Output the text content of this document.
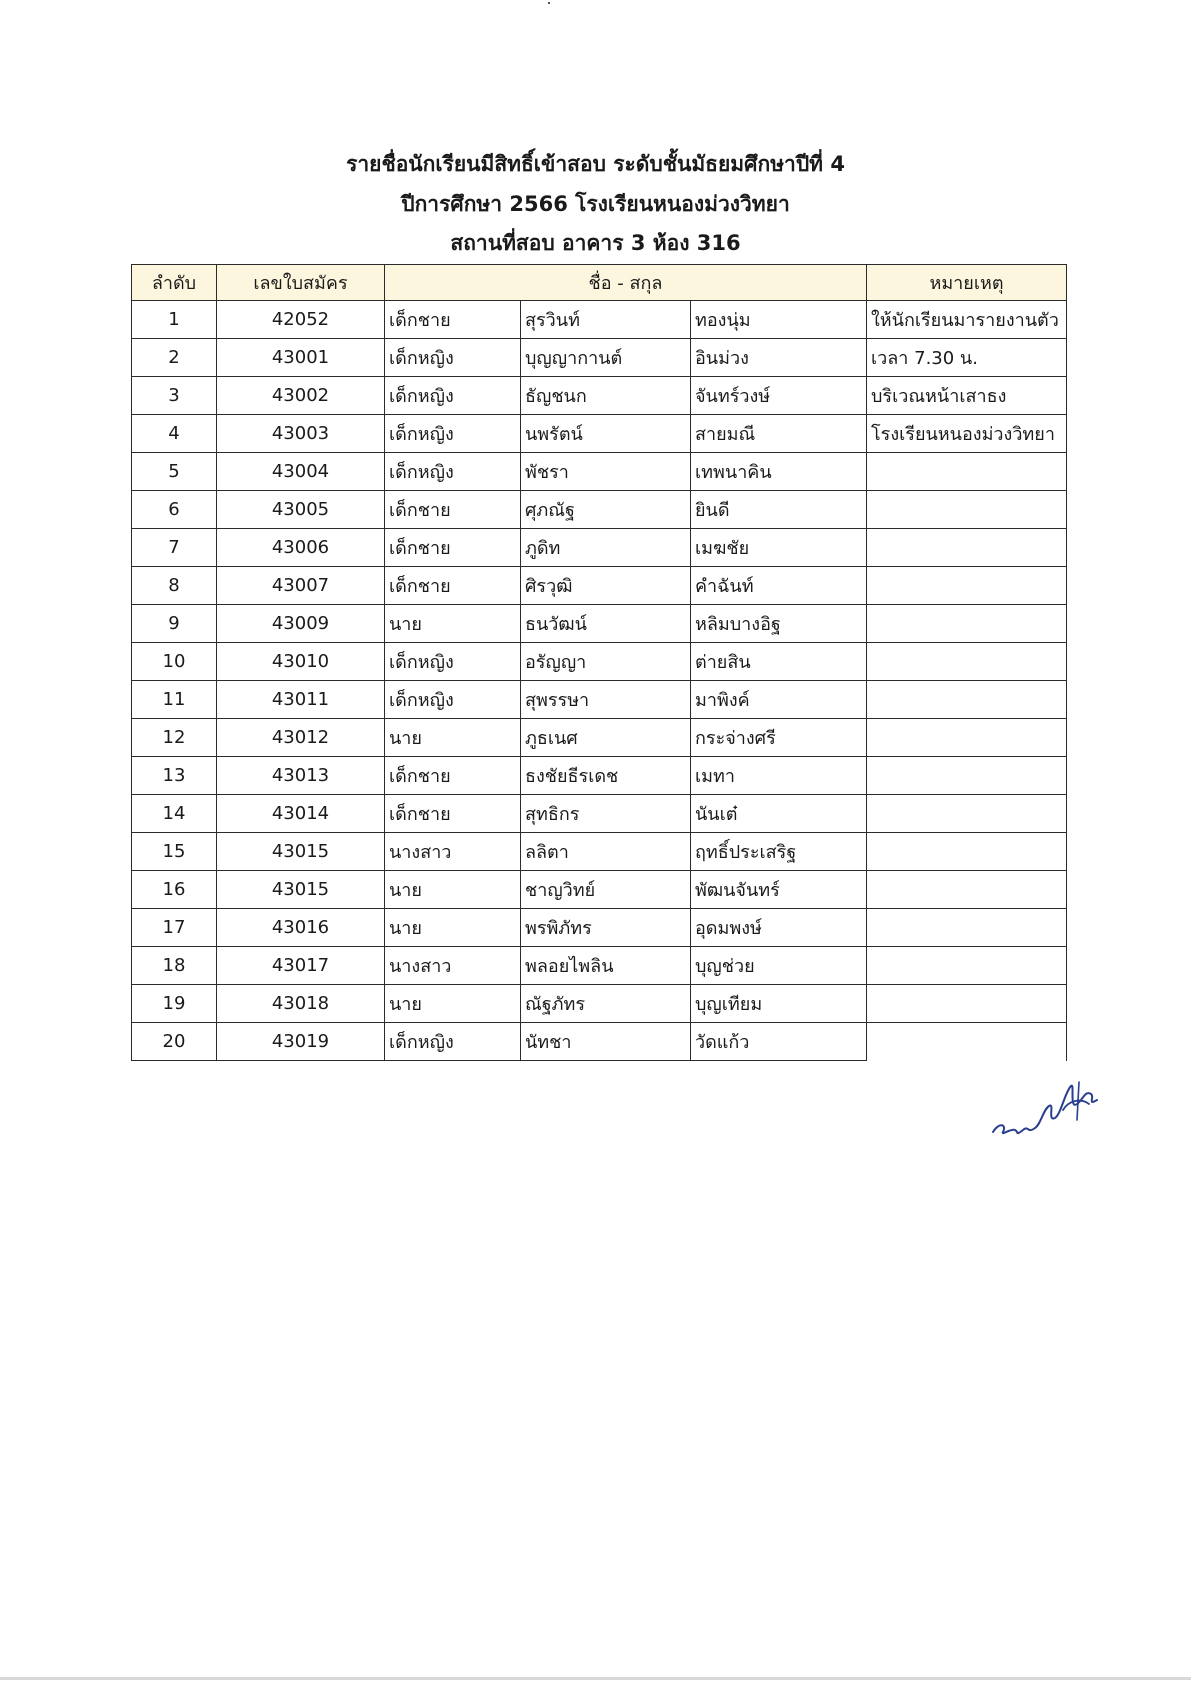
รายชื่อนักเรียนมีสิทธิ์เข้าสอบ ระดับชั้นมัธยมศึกษาปีที่ 4
ปีการศึกษา 2566 โรงเรียนหนองม่วงวิทยา
สถานที่สอบ อาคาร 3 ห้อง 316
ลำดับ	เลขใบสมัคร	ชื่อ - สกุล			หมายเหตุ
1	42052	เด็กชาย	สุรวินท์	ทองนุ่ม	ให้นักเรียนมารายงานตัว
2	43001	เด็กหญิง	บุญญากานต์	อินม่วง	เวลา 7.30 น.
3	43002	เด็กหญิง	ธัญชนก	จันทร์วงษ์	บริเวณหน้าเสาธง
4	43003	เด็กหญิง	นพรัตน์	สายมณี	โรงเรียนหนองม่วงวิทยา
5	43004	เด็กหญิง	พัชรา	เทพนาคิน	
6	43005	เด็กชาย	ศุภณัฐ	ยินดี	
7	43006	เด็กชาย	ภูดิท	เมฆชัย	
8	43007	เด็กชาย	ศิรวุฒิ	คำฉันท์	
9	43009	นาย	ธนวัฒน์	หลิมบางอิฐ	
10	43010	เด็กหญิง	อรัญญา	ต่ายสิน	
11	43011	เด็กหญิง	สุพรรษา	มาพิงค์	
12	43012	นาย	ภูธเนศ	กระจ่างศรี	
13	43013	เด็กชาย	ธงชัยธีรเดช	เมทา	
14	43014	เด็กชาย	สุทธิกร	นันเต๋	
15	43015	นางสาว	ลลิตา	ฤทธิ์ประเสริฐ	
16	43015	นาย	ชาญวิทย์	พัฒนจันทร์	
17	43016	นาย	พรพิภัทร	อุดมพงษ์	
18	43017	นางสาว	พลอยไพลิน	บุญช่วย	
19	43018	นาย	ณัฐภัทร	บุญเทียม	
20	43019	เด็กหญิง	นัทชา	วัดแก้ว	
